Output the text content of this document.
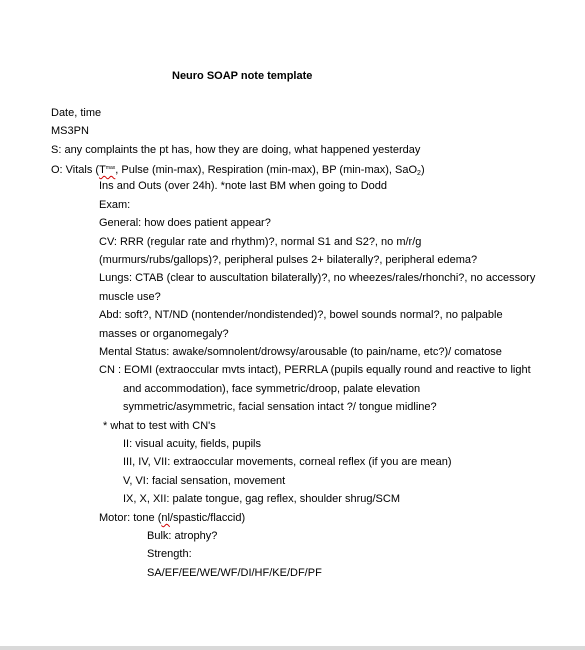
Neuro SOAP note template
Date, time
MS3PN
S: any complaints the pt has, how they are doing, what happened yesterday
O: Vitals ($T^{max}$, Pulse (min-max), Respiration (min-max), BP (min-max), SaO$_2$)
Ins and Outs (over 24h). *note last BM when going to Dodd
Exam:
General: how does patient appear?
CV: RRR (regular rate and rhythm)?, normal S1 and S2?, no m/r/g
(murmurs/rubs/gallops)?, peripheral pulses 2+ bilaterally?, peripheral edema?
Lungs: CTAB (clear to auscultation bilaterally)?, no wheezes/rales/rhonchi?, no accessory
muscle use?
Abd: soft?, NT/ND (nontender/nondistended)?, bowel sounds normal?, no palpable
masses or organomegaly?
Mental Status: awake/somnolent/drowsy/arousable (to pain/name, etc?)/ comatose
CN : EOMI (extraoccular mvts intact), PERRLA (pupils equally round and reactive to light
and accommodation), face symmetric/droop, palate elevation
symmetric/asymmetric, facial sensation intact ?/ tongue midline?
* what to test with CN's
II: visual acuity, fields, pupils
III, IV, VII: extraoccular movements, corneal reflex (if you are mean)
V, VI: facial sensation, movement
IX, X, XII: palate tongue, gag reflex, shoulder shrug/SCM
Motor: tone (nl/spastic/flaccid)
Bulk: atrophy?
Strength:
SA/EF/EE/WE/WF/DI/HF/KE/DF/PF
